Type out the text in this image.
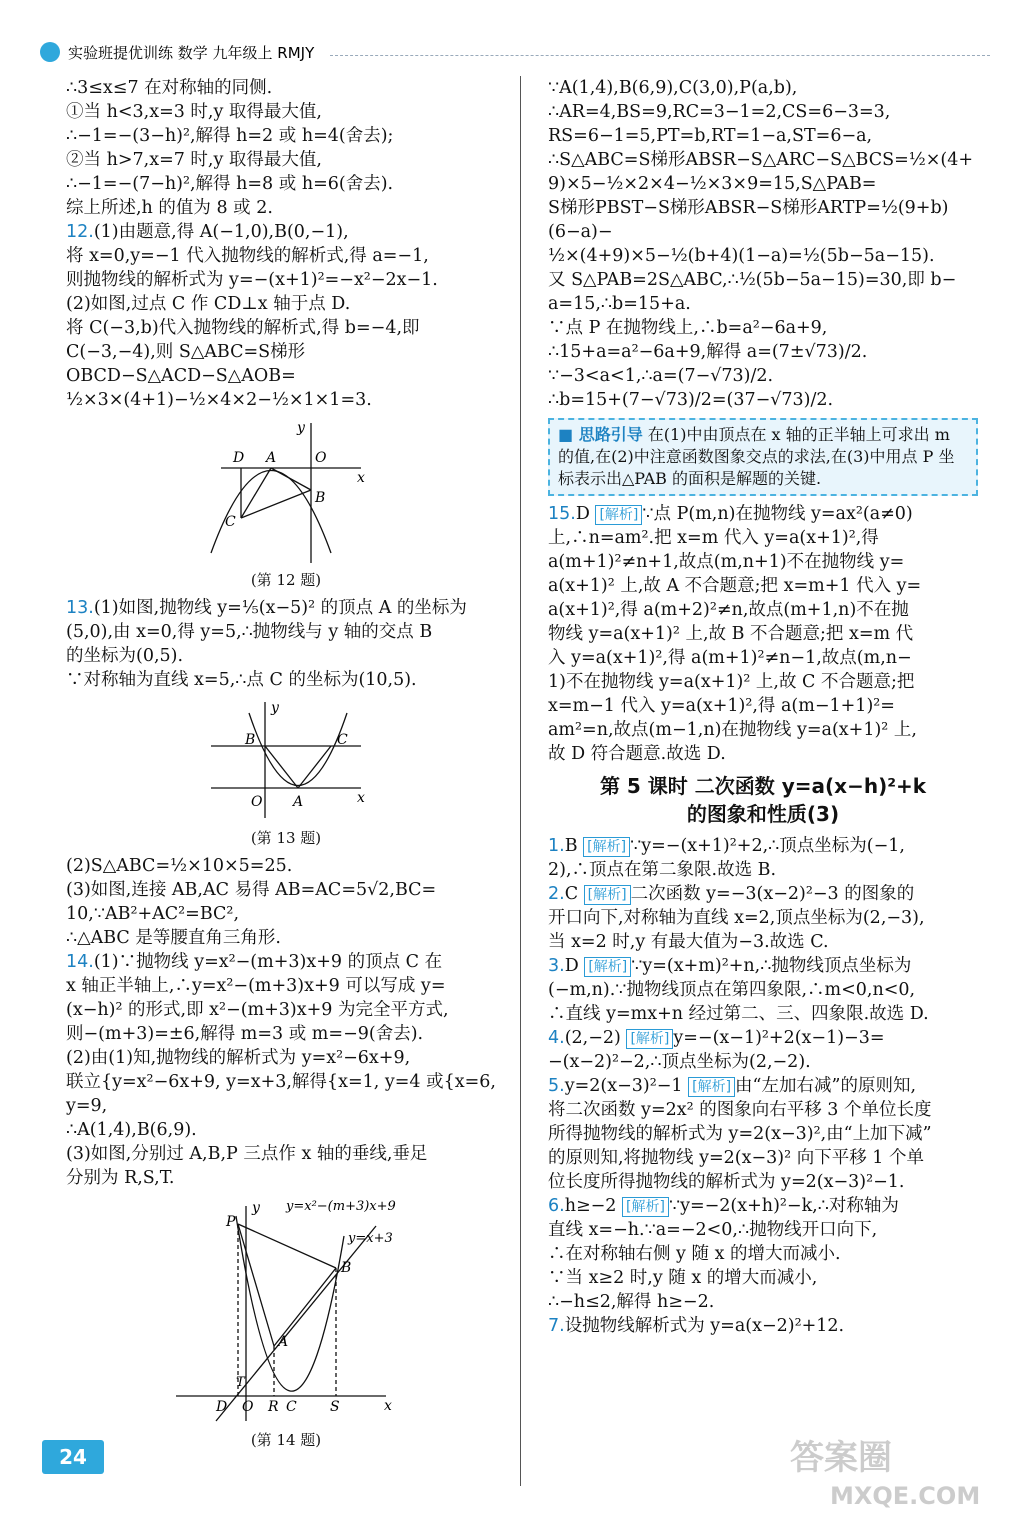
实验班提优训练 数学 九年级上 RMJY
∴3≤x≤7 在对称轴的同侧.
①当 h<3,x=3 时,y 取得最大值,
∴−1=−(3−h)²,解得 h=2 或 h=4(舍去);
②当 h>7,x=7 时,y 取得最大值,
∴−1=−(7−h)²,解得 h=8 或 h=6(舍去).
综上所述,h 的值为 8 或 2.
12.(1)由题意,得 A(−1,0),B(0,−1),
将 x=0,y=−1 代入抛物线的解析式,得 a=−1,
则抛物线的解析式为 y=−(x+1)²=−x²−2x−1.
(2)如图,过点 C 作 CD⊥x 轴于点 D.
将 C(−3,b)代入抛物线的解析式,得 b=−4,即
C(−3,−4),则 S△ABC=S梯形OBCD−S△ACD−S△AOB=
½×3×(4+1)−½×4×2−½×1×1=3.
D A	O
B
C
x
y
(第 12 题)
13.(1)如图,抛物线 y=⅕(x−5)² 的顶点 A 的坐标为
(5,0),由 x=0,得 y=5,∴抛物线与 y 轴的交点 B
的坐标为(0,5).
∵对称轴为直线 x=5,∴点 C 的坐标为(10,5).
B	C
O A	x
y
(第 13 题)
(2)S△ABC=½×10×5=25.
(3)如图,连接 AB,AC 易得 AB=AC=5√2,BC=
10,∵AB²+AC²=BC²,
∴△ABC 是等腰直角三角形.
14.(1)∵抛物线 y=x²−(m+3)x+9 的顶点 C 在
x 轴正半轴上,∴y=x²−(m+3)x+9 可以写成 y=
(x−h)² 的形式,即 x²−(m+3)x+9 为完全平方式,
则−(m+3)=±6,解得 m=3 或 m=−9(舍去).
(2)由(1)知,抛物线的解析式为 y=x²−6x+9,
联立{y=x²−6x+9, y=x+3,解得{x=1, y=4 或{x=6, y=9,
∴A(1,4),B(6,9).
(3)如图,分别过 A,B,P 三点作 x 轴的垂线,垂足
分别为 R,S,T.
y=x²−(m+3)x+9
y=x+3
P
B
A
T
D O R C S	x
y
(第 14 题)
∵A(1,4),B(6,9),C(3,0),P(a,b),
∴AR=4,BS=9,RC=3−1=2,CS=6−3=3,
RS=6−1=5,PT=b,RT=1−a,ST=6−a,
∴S△ABC=S梯形ABSR−S△ARC−S△BCS=½×(4+
9)×5−½×2×4−½×3×9=15,S△PAB=
S梯形PBST−S梯形ABSR−S梯形ARTP=½(9+b)(6−a)−
½×(4+9)×5−½(b+4)(1−a)=½(5b−5a−15).
又 S△PAB=2S△ABC,∴½(5b−5a−15)=30,即 b−
a=15,∴b=15+a.
∵点 P 在抛物线上,∴b=a²−6a+9,
∴15+a=a²−6a+9,解得 a=(7±√73)/2.
∵−3<a<1,∴a=(7−√73)/2.
∴b=15+(7−√73)/2=(37−√73)/2.
■ 思路引导 在(1)中由顶点在 x 轴的正半轴上可求出 m 的值,在(2)中注意函数图象交点的求法,在(3)中用点 P 坐标表示出△PAB 的面积是解题的关键.
15.D [解析] ∵点 P(m,n)在抛物线 y=ax²(a≠0)
上,∴n=am².把 x=m 代入 y=a(x+1)²,得
a(m+1)²≠n+1,故点(m,n+1)不在抛物线 y=
a(x+1)² 上,故 A 不合题意;把 x=m+1 代入 y=
a(x+1)²,得 a(m+2)²≠n,故点(m+1,n)不在抛
物线 y=a(x+1)² 上,故 B 不合题意;把 x=m 代
入 y=a(x+1)²,得 a(m+1)²≠n−1,故点(m,n−
1)不在抛物线 y=a(x+1)² 上,故 C 不合题意;把
x=m−1 代入 y=a(x+1)²,得 a(m−1+1)²=
am²=n,故点(m−1,n)在抛物线 y=a(x+1)² 上,
故 D 符合题意.故选 D.
第 5 课时 二次函数 y=a(x−h)²+k
的图象和性质(3)
1.B [解析] ∵y=−(x+1)²+2,∴顶点坐标为(−1,
2),∴顶点在第二象限.故选 B.
2.C [解析] 二次函数 y=−3(x−2)²−3 的图象的
开口向下,对称轴为直线 x=2,顶点坐标为(2,−3),
当 x=2 时,y 有最大值为−3.故选 C.
3.D [解析] ∵y=(x+m)²+n,∴抛物线顶点坐标为
(−m,n).∵抛物线顶点在第四象限,∴m<0,n<0,
∴直线 y=mx+n 经过第二、三、四象限.故选 D.
4.(2,−2) [解析] y=−(x−1)²+2(x−1)−3=
−(x−2)²−2,∴顶点坐标为(2,−2).
5.y=2(x−3)²−1 [解析] 由“左加右减”的原则知,
将二次函数 y=2x² 的图象向右平移 3 个单位长度
所得抛物线的解析式为 y=2(x−3)²,由“上加下减”
的原则知,将抛物线 y=2(x−3)² 向下平移 1 个单
位长度所得抛物线的解析式为 y=2(x−3)²−1.
6.h≥−2 [解析] ∵y=−2(x+h)²−k,∴对称轴为
直线 x=−h.∵a=−2<0,∴抛物线开口向下,
∴在对称轴右侧 y 随 x 的增大而减小.
∵当 x≥2 时,y 随 x 的增大而减小,
∴−h≤2,解得 h≥−2.
7.设抛物线解析式为 y=a(x−2)²+12.
24	答案圈
MXQE.COM
